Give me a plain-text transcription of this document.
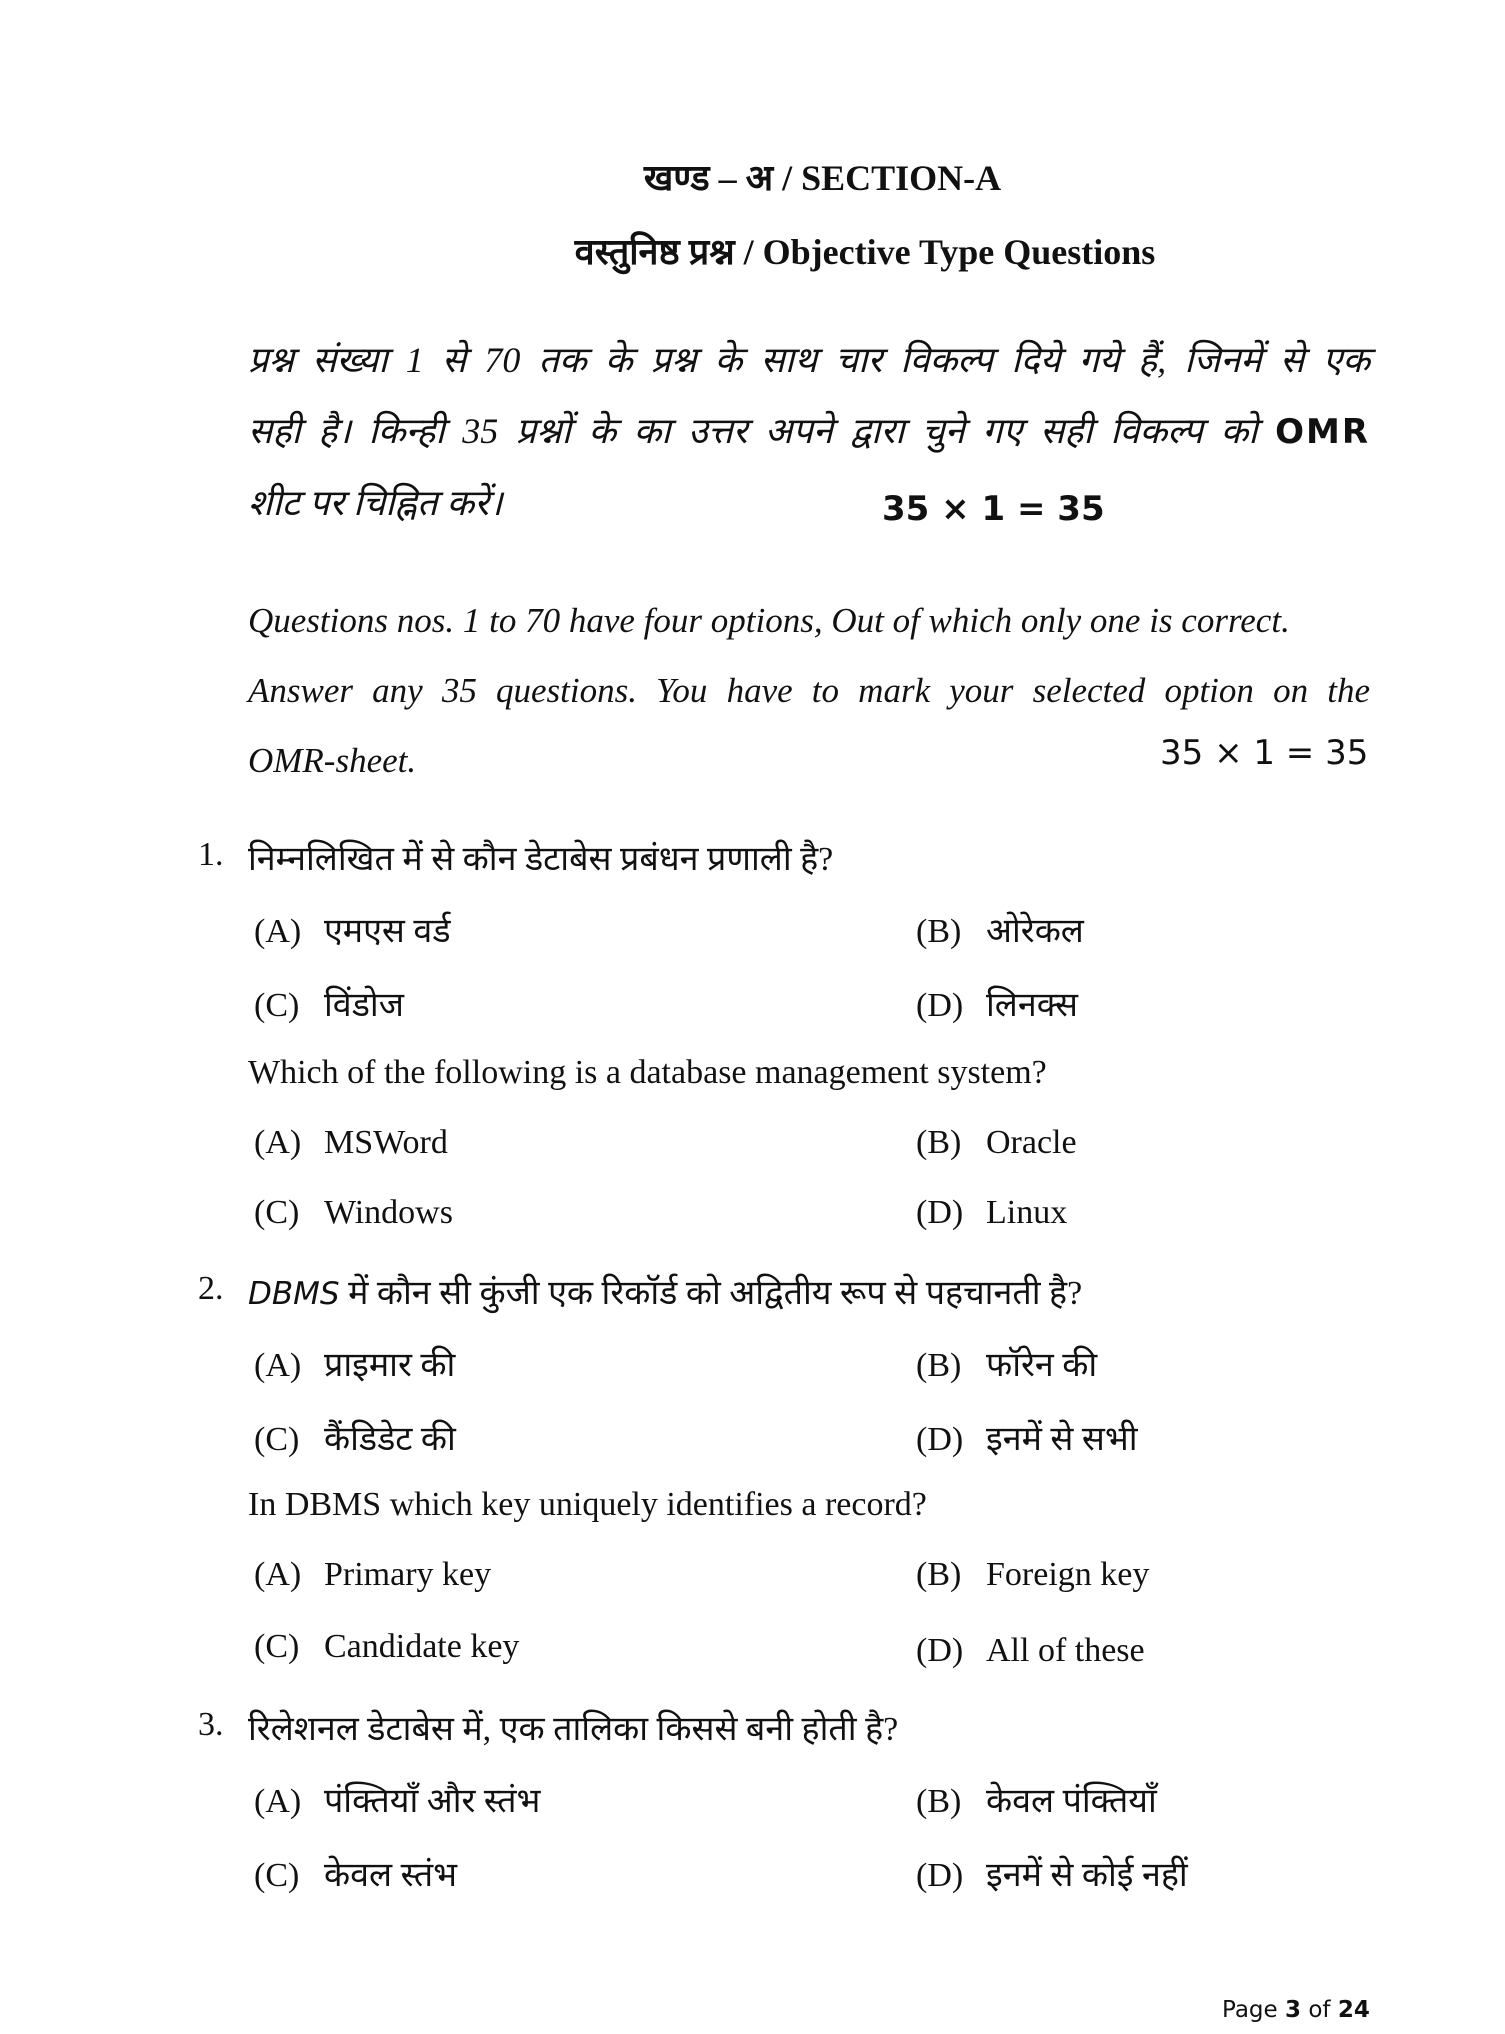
खण्ड – अ / SECTION-A
वस्तुनिष्ठ प्रश्न / Objective Type Questions
प्रश्न संख्या 1 से 70 तक के प्रश्न के साथ चार विकल्प दिये गये हैं, जिनमें से एक
सही है। किन्ही 35 प्रश्नों के का उत्तर अपने द्वारा चुने गए सही विकल्प को OMR
शीट पर चिह्नित करें।	35 × 1 = 35
Questions nos. 1 to 70 have four options, Out of which only one is correct.
Answer any 35 questions. You have to mark your selected option on the
OMR-sheet.	35 × 1 = 35
1. निम्नलिखित में से कौन डेटाबेस प्रबंधन प्रणाली है?
(A) एमएस वर्ड	(B) ओरेकल
(C) विंडोज	(D) लिनक्स
Which of the following is a database management system?
(A) MSWord	(B) Oracle
(C) Windows	(D) Linux
2. DBMS में कौन सी कुंजी एक रिकॉर्ड को अद्वितीय रूप से पहचानती है?
(A) प्राइमार की	(B) फॉरेन की
(C) कैंडिडेट की	(D) इनमें से सभी
In DBMS which key uniquely identifies a record?
(A) Primary key	(B) Foreign key
(C) Candidate key	(D) All of these
3. रिलेशनल डेटाबेस में, एक तालिका किससे बनी होती है?
(A) पंक्तियाँ और स्तंभ	(B) केवल पंक्तियाँ
(C) केवल स्तंभ	(D) इनमें से कोई नहीं
Page 3 of 24
